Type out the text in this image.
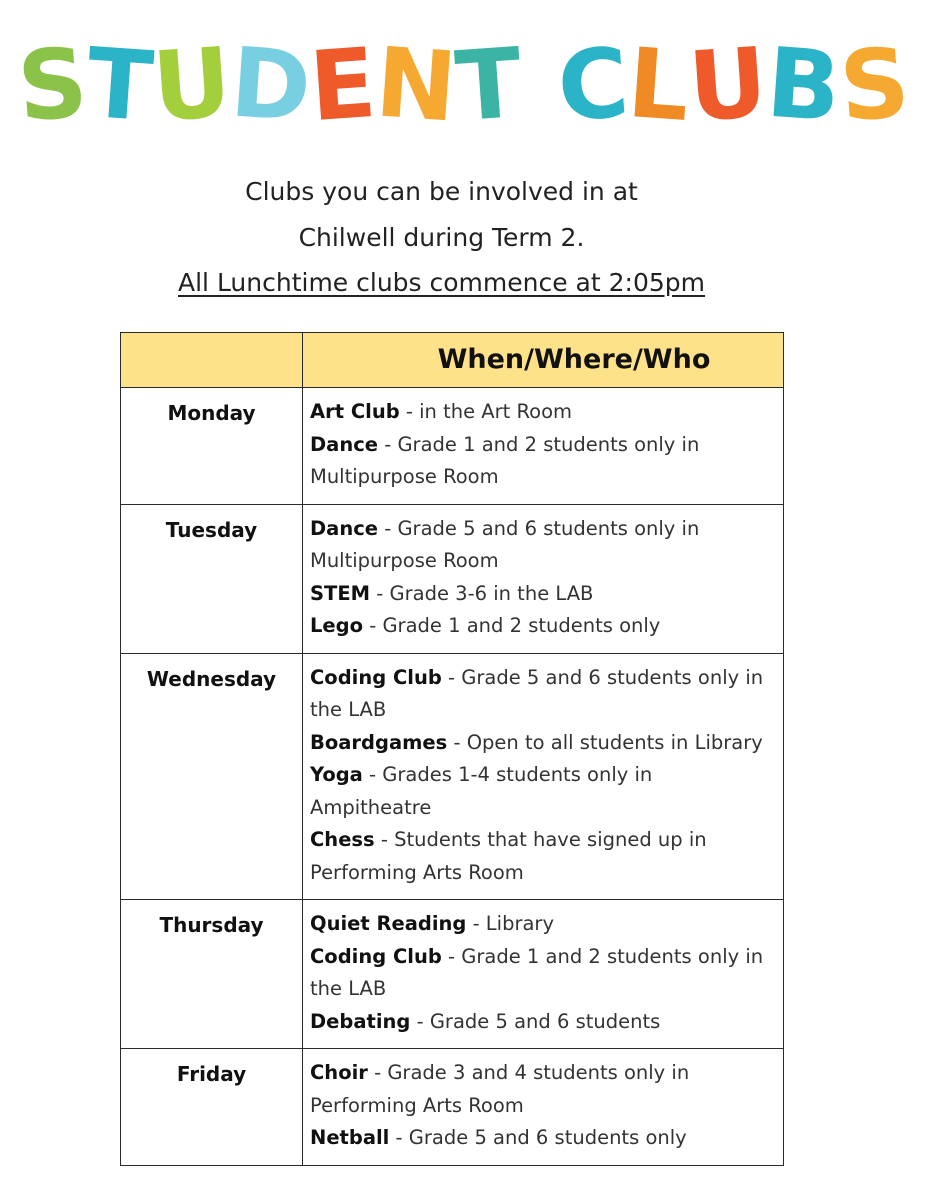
STUDENT CLUBS
Clubs you can be involved in at
Chilwell during Term 2.
All Lunchtime clubs commence at 2:05pm

	When/Where/Who

Monday	Art Club - in the Art Room
Dance - Grade 1 and 2 students only in Multipurpose Room

Tuesday	Dance - Grade 5 and 6 students only in Multipurpose Room
STEM - Grade 3-6 in the LAB
Lego - Grade 1 and 2 students only

Wednesday	Coding Club - Grade 5 and 6 students only in the LAB
Boardgames - Open to all students in Library
Yoga - Grades 1-4 students only in Ampitheatre
Chess - Students that have signed up in Performing Arts Room

Thursday	Quiet Reading - Library
Coding Club - Grade 1 and 2 students only in the LAB
Debating - Grade 5 and 6 students

Friday	Choir - Grade 3 and 4 students only in Performing Arts Room
Netball - Grade 5 and 6 students only
